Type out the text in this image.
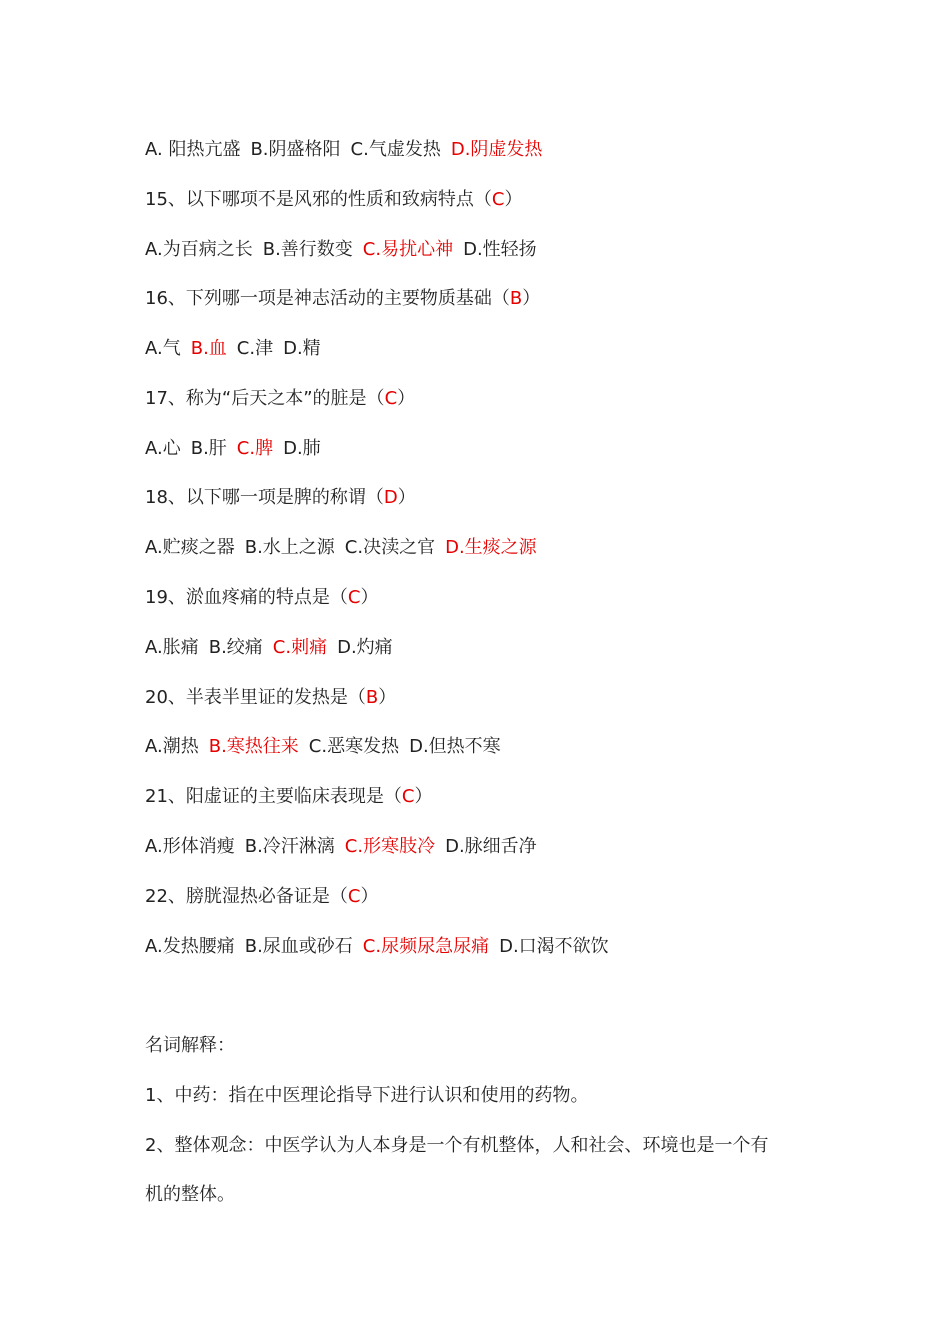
A. 阳热亢盛 B.阴盛格阳 C.气虚发热 D.阴虚发热
15、以下哪项不是风邪的性质和致病特点（C）
A.为百病之长 B.善行数变 C.易扰心神 D.性轻扬
16、下列哪一项是神志活动的主要物质基础（B）
A.气 B.血 C.津 D.精
17、称为“后天之本”的脏是（C）
A.心 B.肝 C.脾 D.肺
18、以下哪一项是脾的称谓（D）
A.贮痰之器 B.水上之源 C.决渎之官 D.生痰之源
19、淤血疼痛的特点是（C）
A.胀痛 B.绞痛 C.刺痛 D.灼痛
20、半表半里证的发热是（B）
A.潮热 B.寒热往来 C.恶寒发热 D.但热不寒
21、阳虚证的主要临床表现是（C）
A.形体消瘦 B.冷汗淋漓 C.形寒肢冷 D.脉细舌净
22、膀胱湿热必备证是（C）
A.发热腰痛 B.尿血或砂石 C.尿频尿急尿痛 D.口渴不欲饮
名词解释：
1、中药：指在中医理论指导下进行认识和使用的药物。
2、整体观念：中医学认为人本身是一个有机整体，人和社会、环境也是一个有
机的整体。
